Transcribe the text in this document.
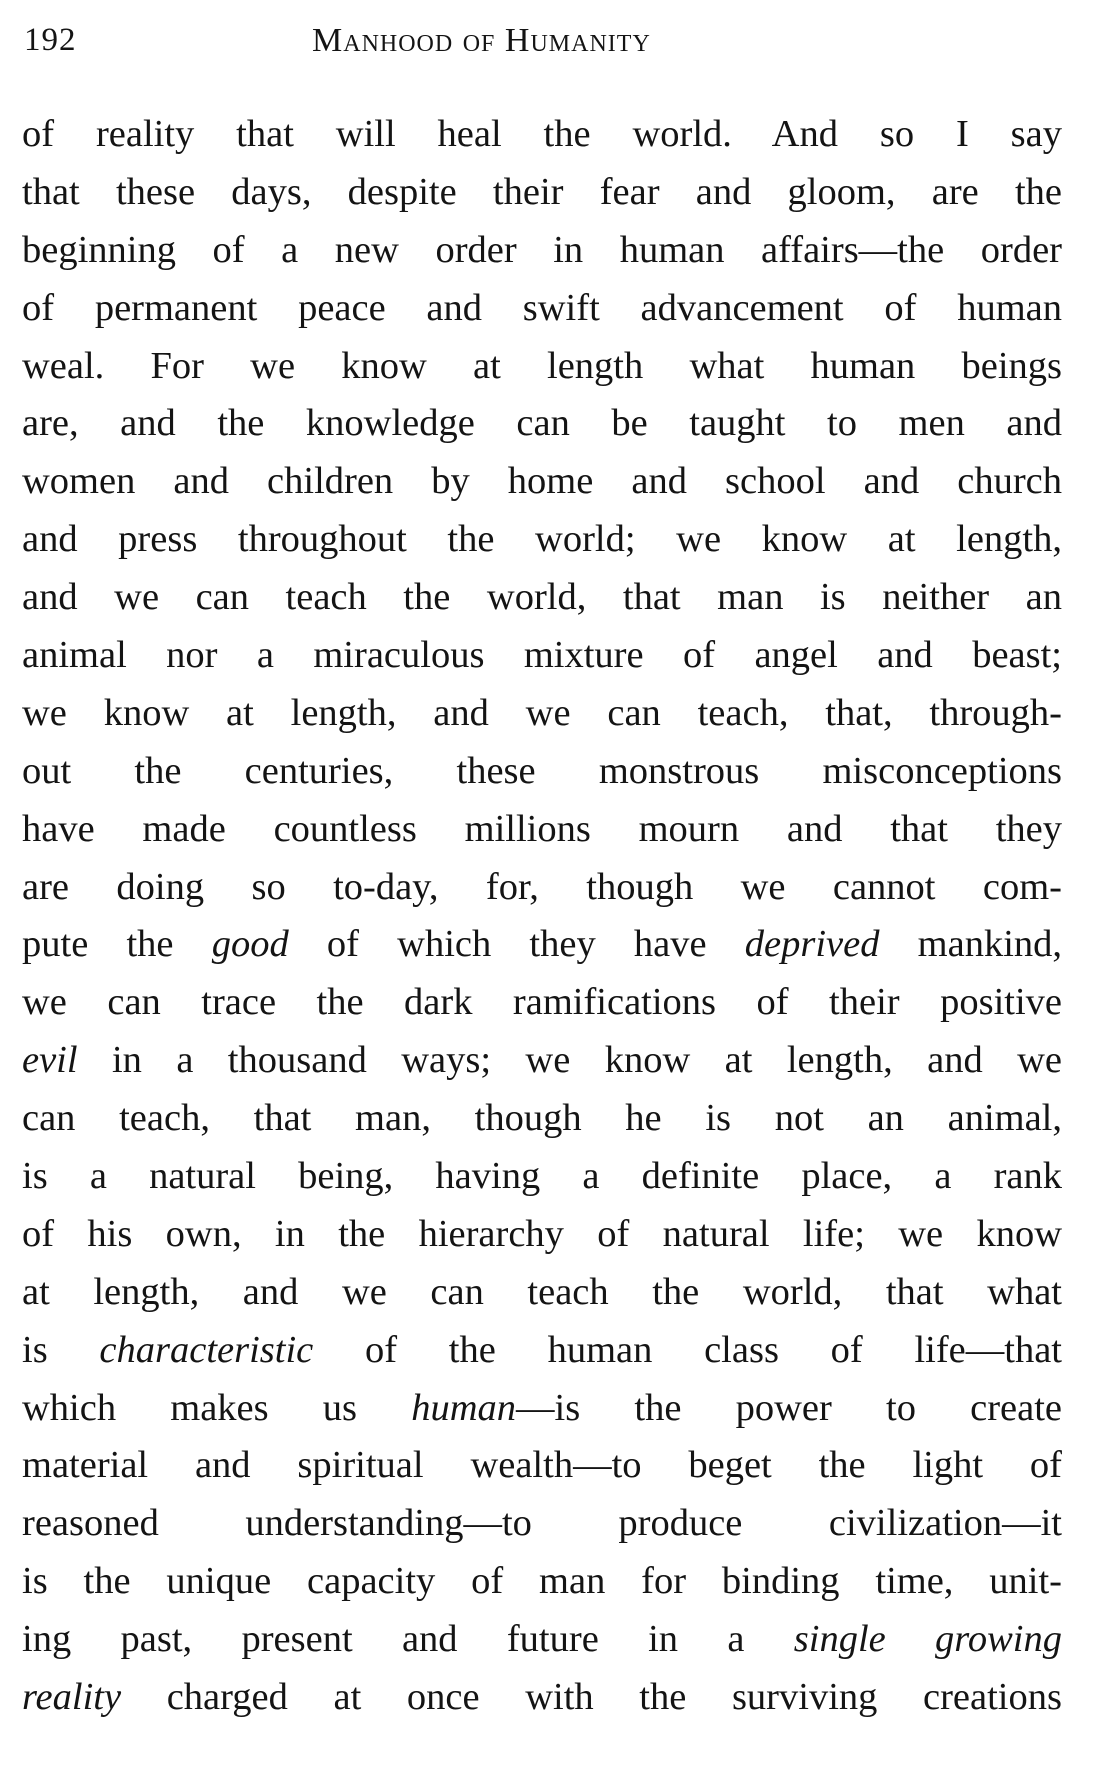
192	Manhood of Humanity
of reality that will heal the world. And so I say
that these days, despite their fear and gloom, are the
beginning of a new order in human affairs—the order
of permanent peace and swift advancement of human
weal. For we know at length what human beings
are, and the knowledge can be taught to men and
women and children by home and school and church
and press throughout the world; we know at length,
and we can teach the world, that man is neither an
animal nor a miraculous mixture of angel and beast;
we know at length, and we can teach, that, through-
out the centuries, these monstrous misconceptions
have made countless millions mourn and that they
are doing so to-day, for, though we cannot com-
pute the good of which they have deprived mankind,
we can trace the dark ramifications of their positive
evil in a thousand ways; we know at length, and we
can teach, that man, though he is not an animal,
is a natural being, having a definite place, a rank
of his own, in the hierarchy of natural life; we know
at length, and we can teach the world, that what
is characteristic of the human class of life—that
which makes us human—is the power to create
material and spiritual wealth—to beget the light of
reasoned understanding—to produce civilization—it
is the unique capacity of man for binding time, unit-
ing past, present and future in a single growing
reality charged at once with the surviving creations
